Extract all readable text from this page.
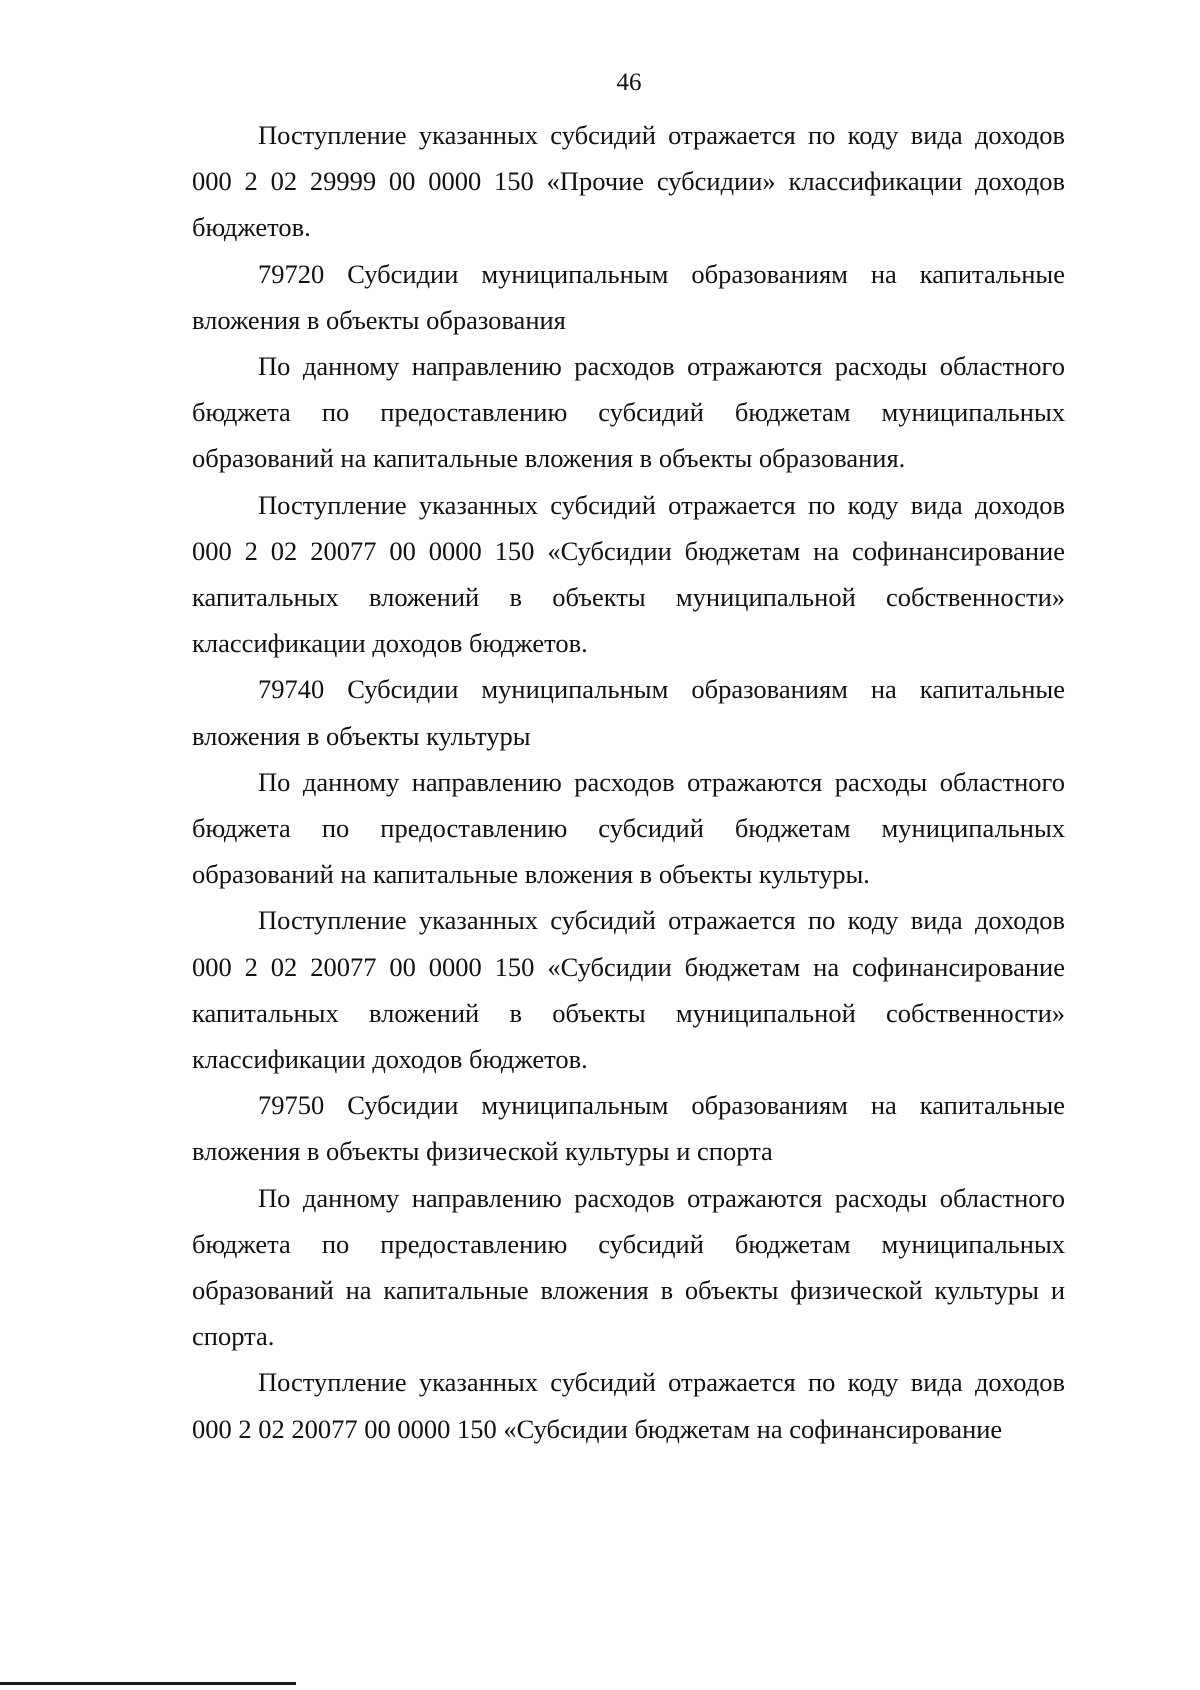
46

Поступление указанных субсидий отражается по коду вида доходов 000 2 02 29999 00 0000 150 «Прочие субсидии» классификации доходов бюджетов.

79720 Субсидии муниципальным образованиям на капитальные вложения в объекты образования

По данному направлению расходов отражаются расходы областного бюджета по предоставлению субсидий бюджетам муниципальных образований на капитальные вложения в объекты образования.

Поступление указанных субсидий отражается по коду вида доходов 000 2 02 20077 00 0000 150 «Субсидии бюджетам на софинансирование капитальных вложений в объекты муниципальной собственности» классификации доходов бюджетов.

79740 Субсидии муниципальным образованиям на капитальные вложения в объекты культуры

По данному направлению расходов отражаются расходы областного бюджета по предоставлению субсидий бюджетам муниципальных образований на капитальные вложения в объекты культуры.

Поступление указанных субсидий отражается по коду вида доходов 000 2 02 20077 00 0000 150 «Субсидии бюджетам на софинансирование капитальных вложений в объекты муниципальной собственности» классификации доходов бюджетов.

79750 Субсидии муниципальным образованиям на капитальные вложения в объекты физической культуры и спорта

По данному направлению расходов отражаются расходы областного бюджета по предоставлению субсидий бюджетам муниципальных образований на капитальные вложения в объекты физической культуры и спорта.

Поступление указанных субсидий отражается по коду вида доходов 000 2 02 20077 00 0000 150 «Субсидии бюджетам на софинансирование
